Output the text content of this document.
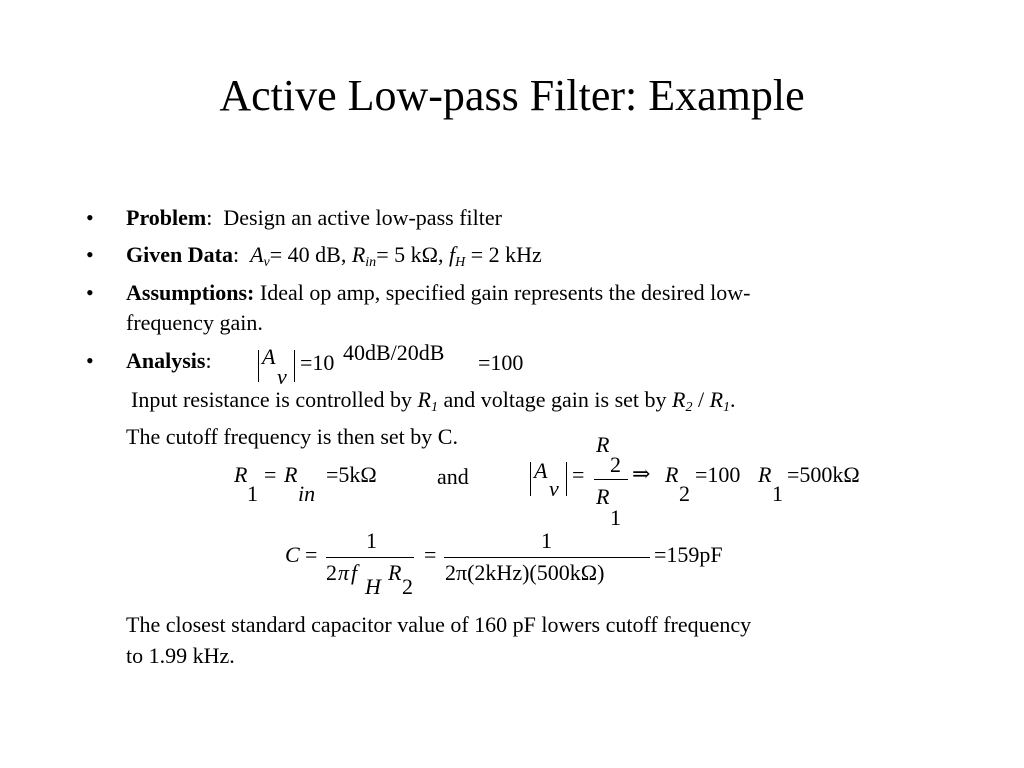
Active Low-pass Filter: Example
• Problem:  Design an active low-pass filter
• Given Data:  $A_v= 40$ dB, $R_{in}= 5$ kΩ, $f_H = 2$ kHz
• Assumptions: Ideal op amp, specified gain represents the desired low-
frequency gain.
• Analysis: A
v
=10 40dB/20dB =100
Input resistance is controlled by $R_1$ and voltage gain is set by $R_2 / R_1$.
The cutoff frequency is then set by C.
R
1
= R
in
=5kΩ	and	A
v
=
R
2
R
1
⇒ R
2
=100 R
1
=500kΩ
C =
1
2 π f
H
R
2
=
1
2π(2kHz)(500kΩ)
=159pF
The closest standard capacitor value of 160 pF lowers cutoff frequency
to 1.99 kHz.
